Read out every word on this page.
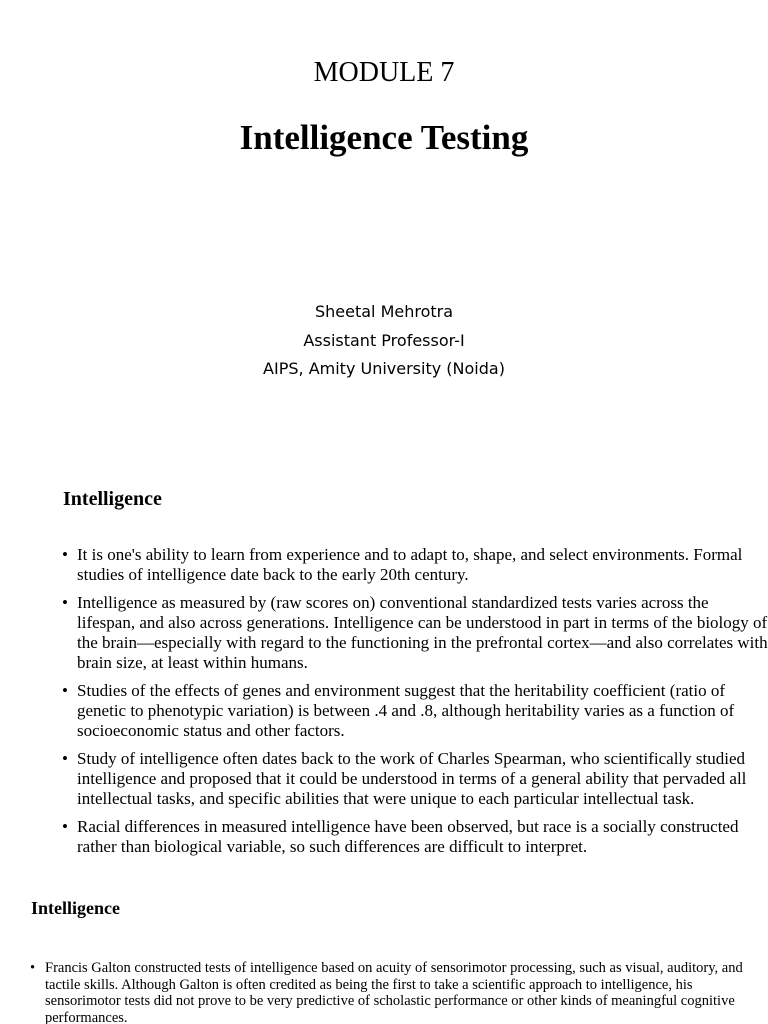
MODULE 7
Intelligence Testing
Sheetal Mehrotra
Assistant Professor-I
AIPS, Amity University (Noida)
Intelligence
• It is one's ability to learn from experience and to adapt to, shape, and select environments. Formal studies of intelligence date back to the early 20th century.
• Intelligence as measured by (raw scores on) conventional standardized tests varies across the lifespan, and also across generations. Intelligence can be understood in part in terms of the biology of the brain—especially with regard to the functioning in the prefrontal cortex—and also correlates with brain size, at least within humans.
• Studies of the effects of genes and environment suggest that the heritability coefficient (ratio of genetic to phenotypic variation) is between .4 and .8, although heritability varies as a function of socioeconomic status and other factors.
• Study of intelligence often dates back to the work of Charles Spearman, who scientifically studied intelligence and proposed that it could be understood in terms of a general ability that pervaded all intellectual tasks, and specific abilities that were unique to each particular intellectual task.
• Racial differences in measured intelligence have been observed, but race is a socially constructed rather than biological variable, so such differences are difficult to interpret.
Intelligence
• Francis Galton constructed tests of intelligence based on acuity of sensorimotor processing, such as visual, auditory, and tactile skills. Although Galton is often credited as being the first to take a scientific approach to intelligence, his sensorimotor tests did not prove to be very predictive of scholastic performance or other kinds of meaningful cognitive performances.
